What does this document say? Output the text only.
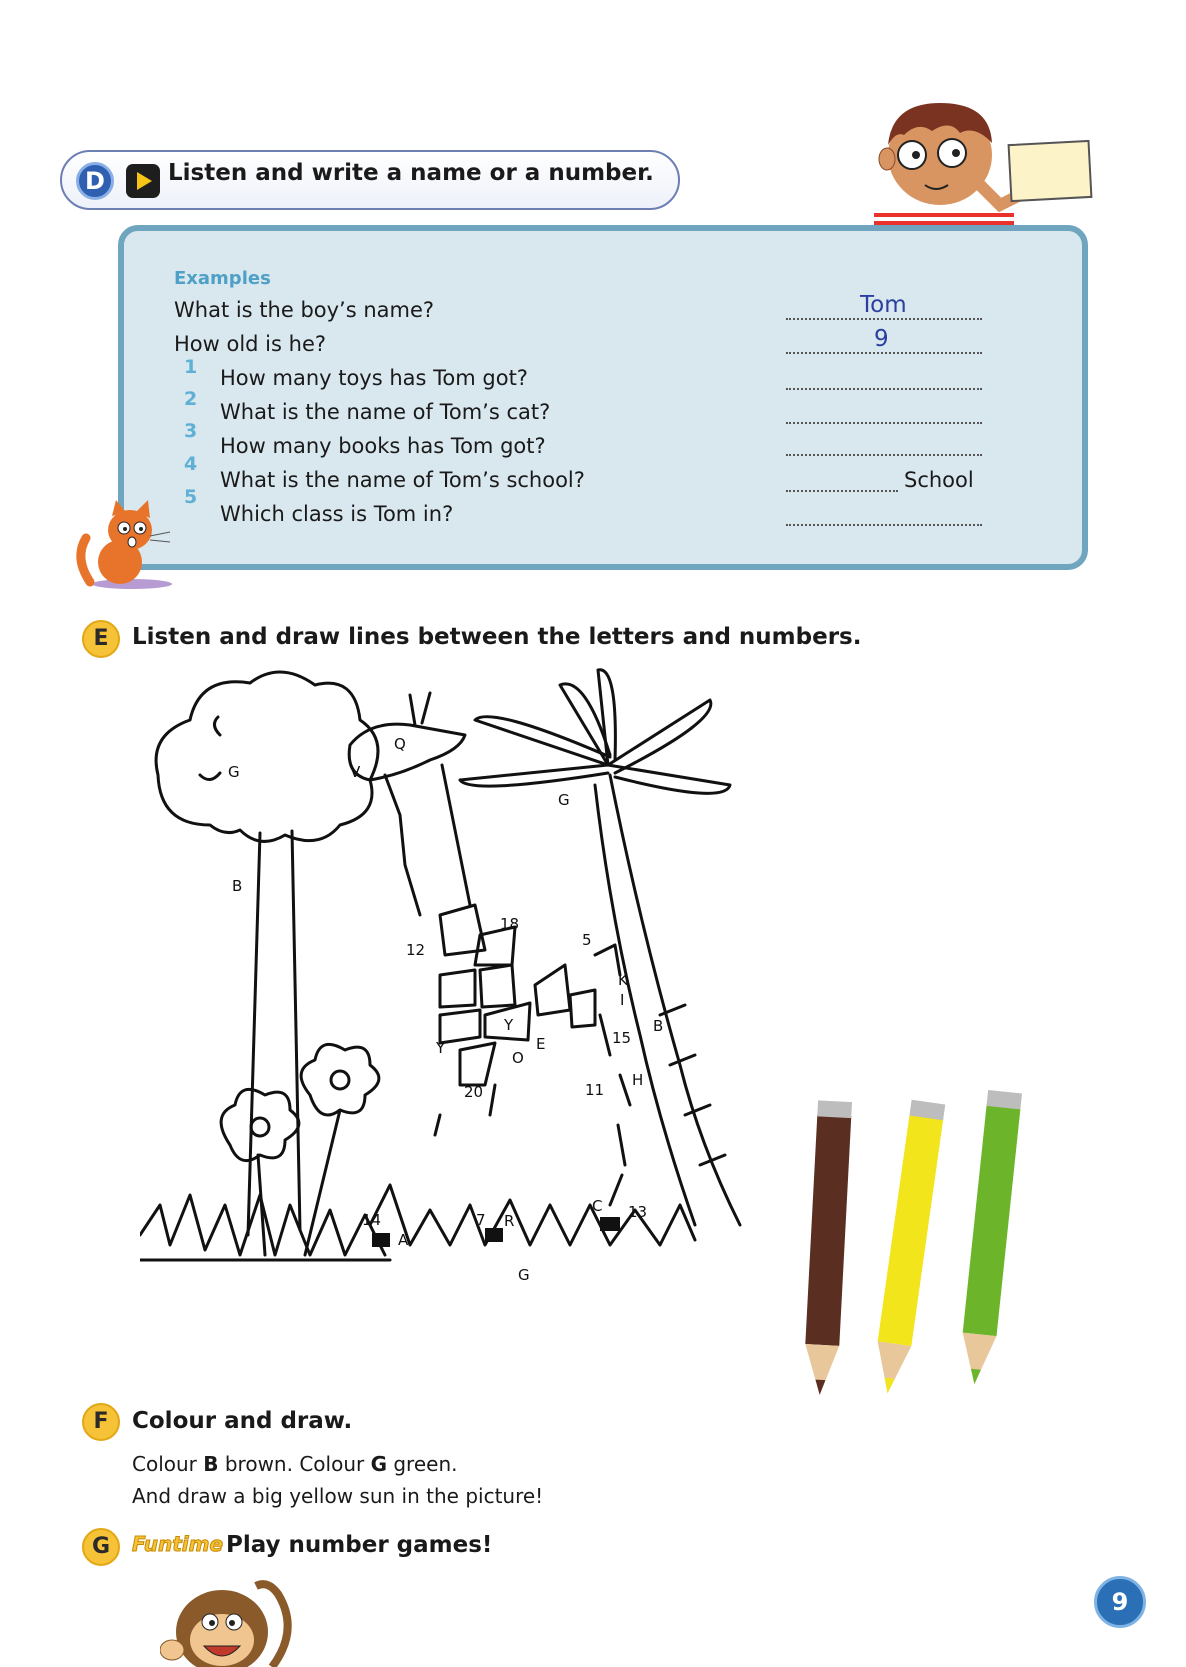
D	Listen and write a name or a number.
Examples
What is the boy’s name?	Tom
How old is he?	9
1 How many toys has Tom got?
2
What is the name of Tom’s cat?
3
How many books has Tom got?
4
What is the name of Tom’s school?	School
5
Which class is Tom in?
E	Listen and draw lines between the letters and numbers.
G
B
G
B
G
Q
V
18
12
5
K
I
Y
Y
O
E	15
H
11
20
14
A
7 R
C 13
F	Colour and draw.
Colour B brown. Colour G green.
And draw a big yellow sun in the picture!
G	Funtime Play number games!
9
